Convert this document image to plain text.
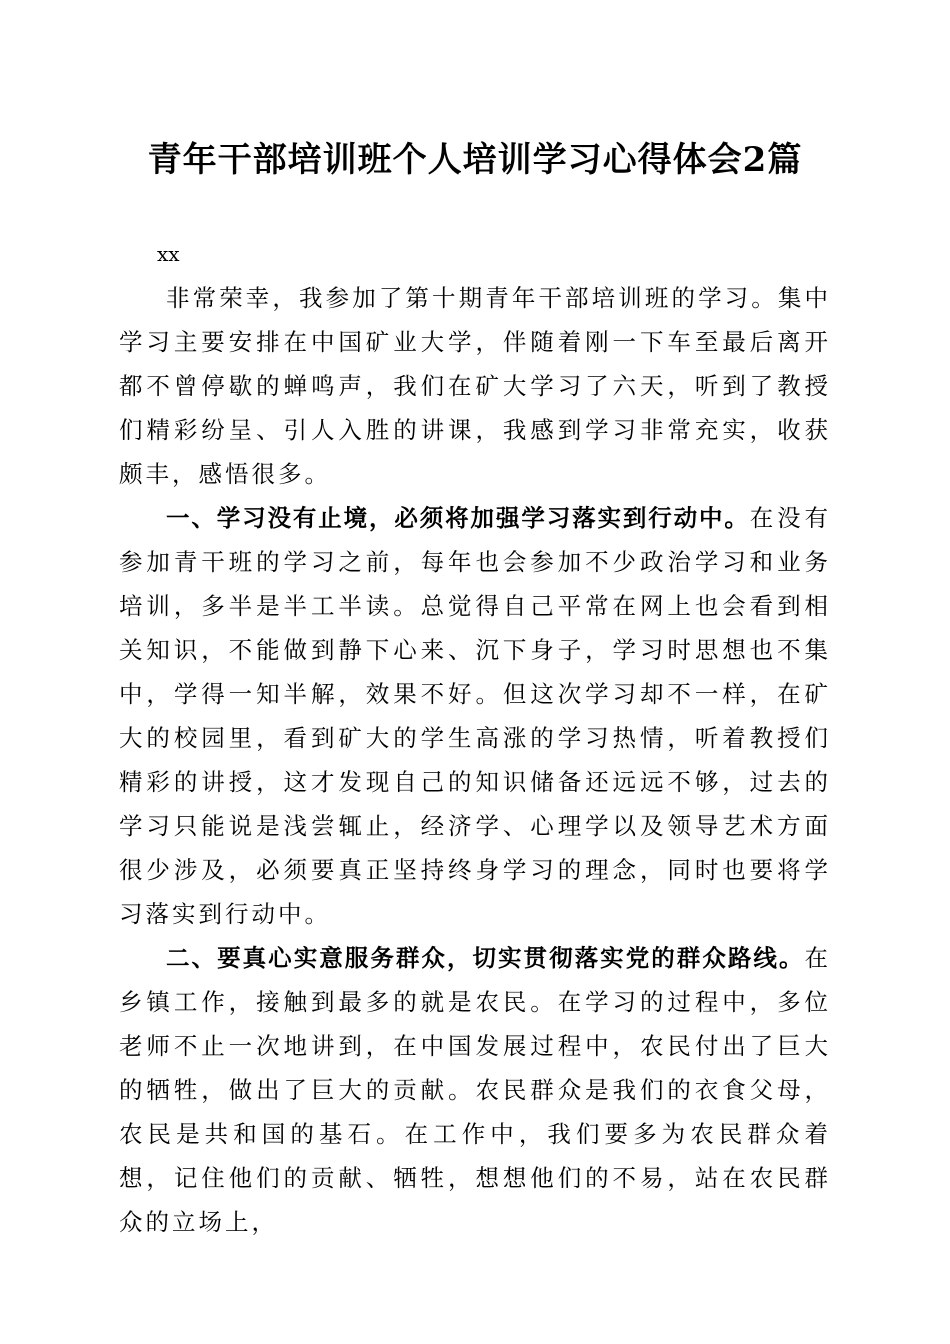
青年干部培训班个人培训学习心得体会2篇
xx

非常荣幸，我参加了第十期青年干部培训班的学习。集中学习主要安排在中国矿业大学，伴随着刚一下车至最后离开都不曾停歇的蝉鸣声，我们在矿大学习了六天，听到了教授们精彩纷呈、引人入胜的讲课，我感到学习非常充实，收获颇丰，感悟很多。

一、学习没有止境，必须将加强学习落实到行动中。在没有参加青干班的学习之前，每年也会参加不少政治学习和业务培训，多半是半工半读。总觉得自己平常在网上也会看到相关知识，不能做到静下心来、沉下身子，学习时思想也不集中，学得一知半解，效果不好。但这次学习却不一样，在矿大的校园里，看到矿大的学生高涨的学习热情，听着教授们精彩的讲授，这才发现自己的知识储备还远远不够，过去的学习只能说是浅尝辄止，经济学、心理学以及领导艺术方面很少涉及，必须要真正坚持终身学习的理念，同时也要将学习落实到行动中。

二、要真心实意服务群众，切实贯彻落实党的群众路线。在乡镇工作，接触到最多的就是农民。在学习的过程中，多位老师不止一次地讲到，在中国发展过程中，农民付出了巨大的牺牲，做出了巨大的贡献。农民群众是我们的衣食父母，农民是共和国的基石。在工作中，我们要多为农民群众着想，记住他们的贡献、牺牲，想想他们的不易，站在农民群众的立场上，
